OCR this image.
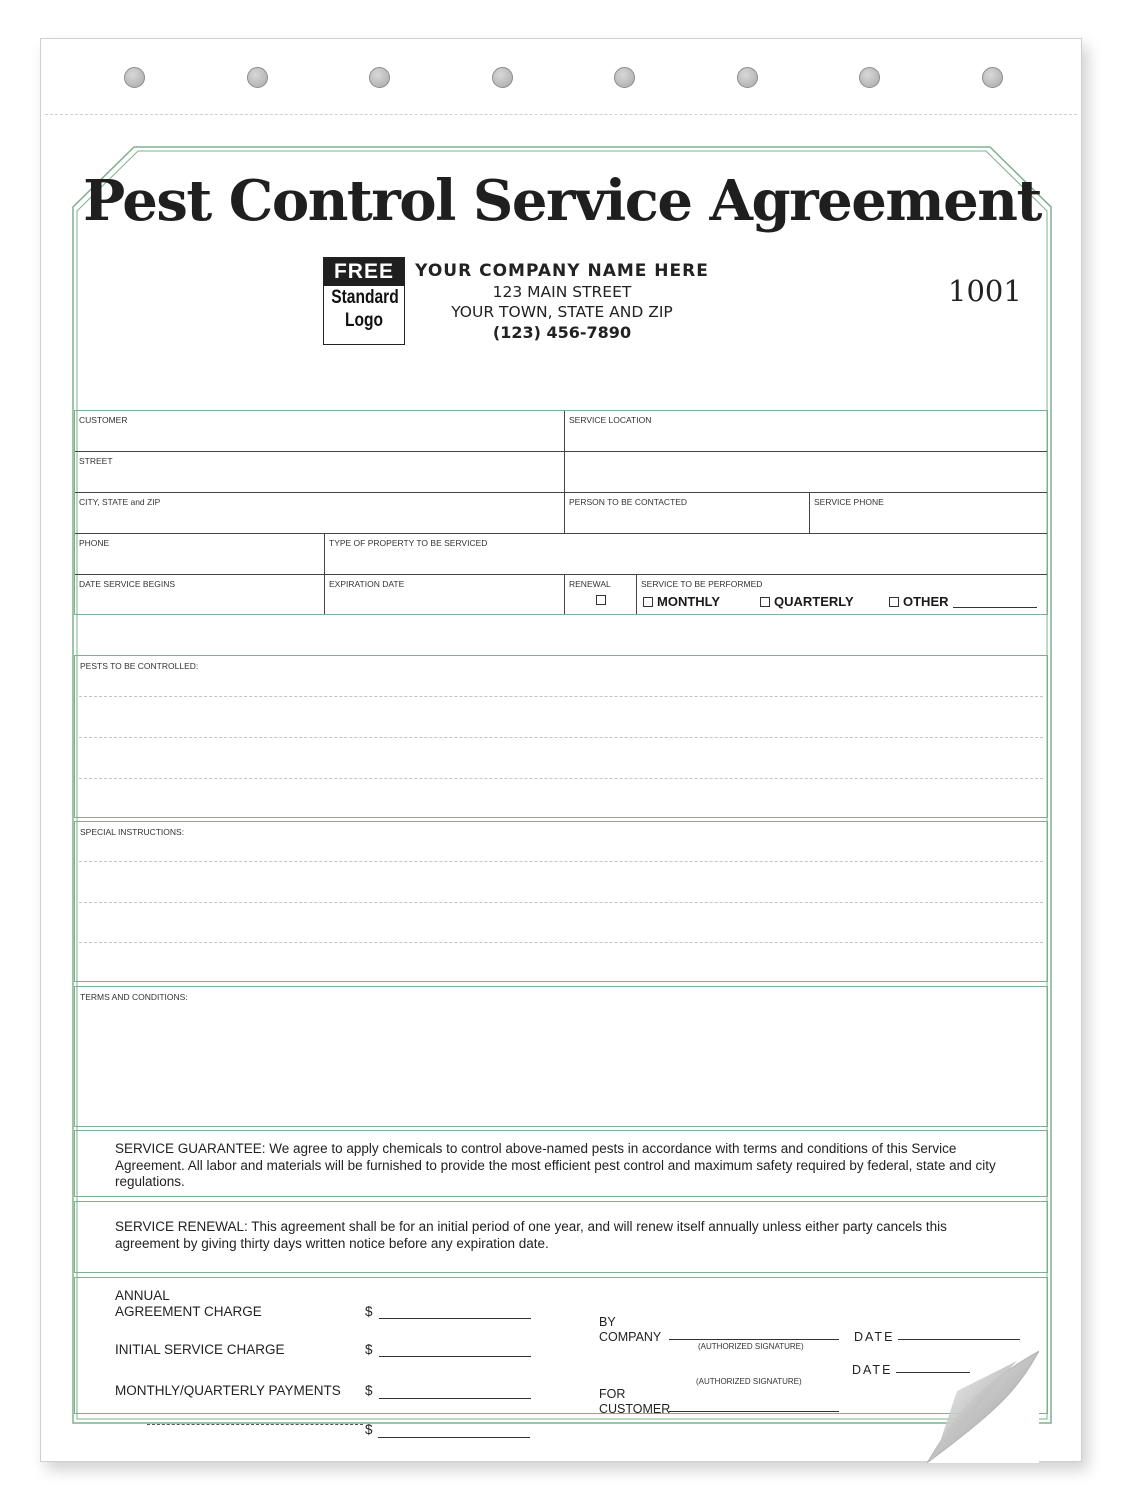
Pest Control Service Agreement
FREE
Standard
Logo
YOUR COMPANY NAME HERE
123 MAIN STREET
YOUR TOWN, STATE AND ZIP
(123) 456-7890
1001
CUSTOMER	SERVICE LOCATION
STREET
CITY, STATE and ZIP	PERSON TO BE CONTACTED	SERVICE PHONE
PHONE	TYPE OF PROPERTY TO BE SERVICED
DATE SERVICE BEGINS	EXPIRATION DATE	RENEWAL	SERVICE TO BE PERFORMED
MONTHLY	QUARTERLY	OTHER
PESTS TO BE CONTROLLED:
SPECIAL INSTRUCTIONS:
TERMS AND CONDITIONS:
SERVICE GUARANTEE: We agree to apply chemicals to control above-named pests in accordance with terms and conditions of this Service Agreement. All labor and materials will be furnished to provide the most efficient pest control and maximum safety required by federal, state and city regulations.
SERVICE RENEWAL: This agreement shall be for an initial period of one year, and will renew itself annually unless either party cancels this agreement by giving thirty days written notice before any expiration date.
ANNUAL
AGREEMENT CHARGE	$
INITIAL SERVICE CHARGE	$
MONTHLY/QUARTERLY PAYMENTS $
BY
COMPANY
(AUTHORIZED SIGNATURE)
DATE
FOR
CUSTOMER
$
(AUTHORIZED SIGNATURE)
DATE
